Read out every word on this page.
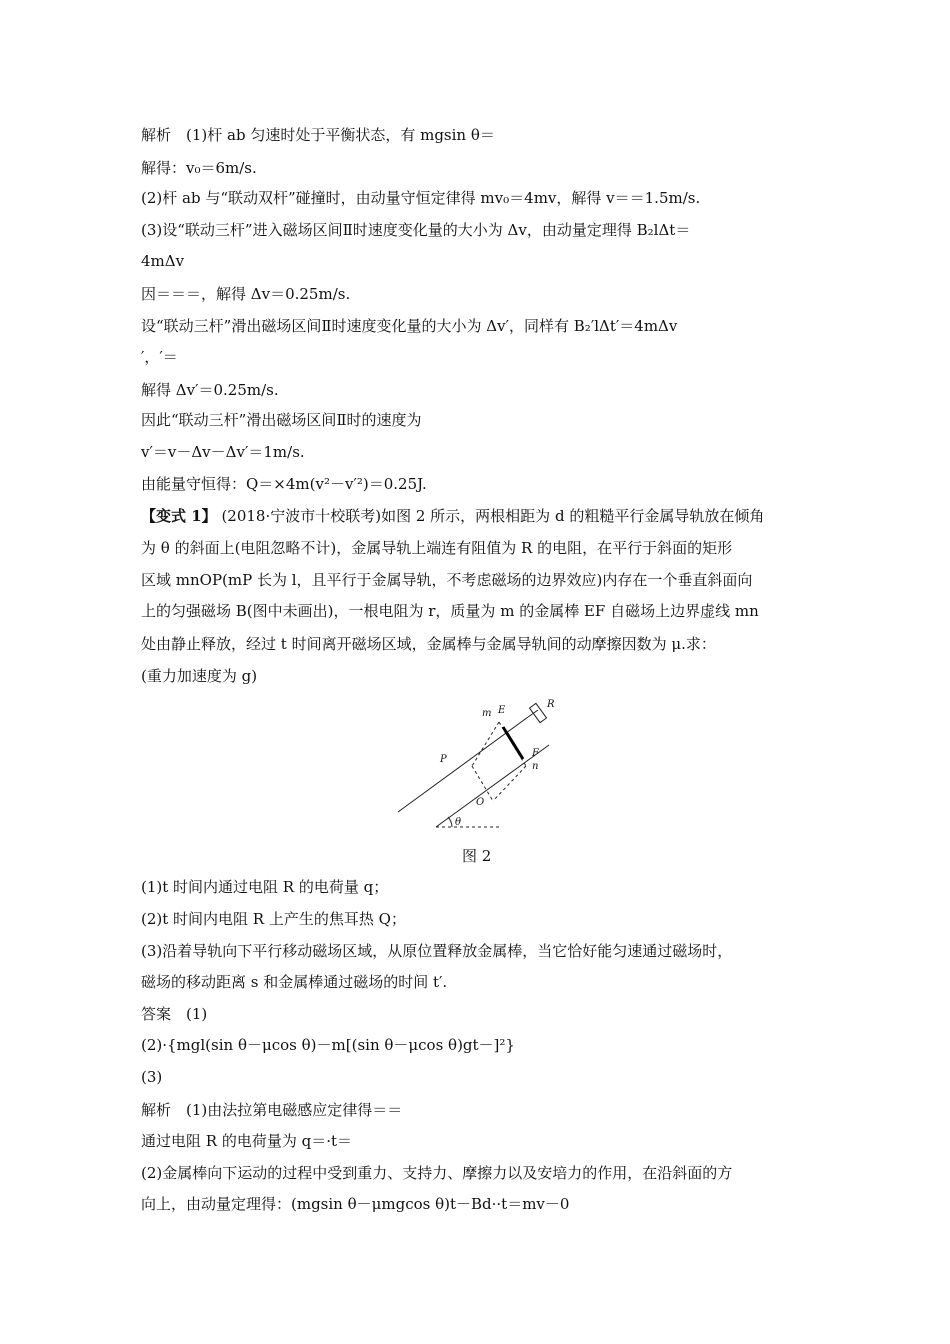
解析　(1)杆 ab 匀速时处于平衡状态，有 mgsin θ＝
解得：v₀＝6m/s.
(2)杆 ab 与“联动双杆”碰撞时，由动量守恒定律得 mv₀＝4mv，解得 v＝＝1.5m/s.
(3)设“联动三杆”进入磁场区间Ⅱ时速度变化量的大小为 Δv，由动量定理得 B₂lΔt＝
4mΔv
因＝＝＝，解得 Δv＝0.25m/s.
设“联动三杆”滑出磁场区间Ⅱ时速度变化量的大小为 Δv′，同样有 B₂′lΔt′＝4mΔv
′，′＝
解得 Δv′＝0.25m/s.
因此“联动三杆”滑出磁场区间Ⅱ时的速度为
v′＝v－Δv－Δv′＝1m/s.
由能量守恒得：Q＝×4m(v²－v′²)＝0.25J.
【变式 1】 (2018·宁波市十校联考)如图 2 所示，两根相距为 d 的粗糙平行金属导轨放在倾角
为 θ 的斜面上(电阻忽略不计)，金属导轨上端连有阻值为 R 的电阻，在平行于斜面的矩形
区域 mnOP(mP 长为 l，且平行于金属导轨，不考虑磁场的边界效应)内存在一个垂直斜面向
上的匀强磁场 B(图中未画出)，一根电阻为 r，质量为 m 的金属棒 EF 自磁场上边界虚线 mn
处由静止释放，经过 t 时间离开磁场区域，金属棒与金属导轨间的动摩擦因数为 μ.求：
(重力加速度为 g)
m E
R
F
n
P
O
θ
图 2
(1)t 时间内通过电阻 R 的电荷量 q；
(2)t 时间内电阻 R 上产生的焦耳热 Q；
(3)沿着导轨向下平行移动磁场区域，从原位置释放金属棒，当它恰好能匀速通过磁场时，
磁场的移动距离 s 和金属棒通过磁场的时间 t′.
答案　(1)
(2)·{mgl(sin θ－μcos θ)－m[(sin θ－μcos θ)gt－]²}
(3)
解析　(1)由法拉第电磁感应定律得＝＝
通过电阻 R 的电荷量为 q＝·t＝
(2)金属棒向下运动的过程中受到重力、支持力、摩擦力以及安培力的作用，在沿斜面的方
向上，由动量定理得：(mgsin θ－μmgcos θ)t－Bd··t＝mv－0
